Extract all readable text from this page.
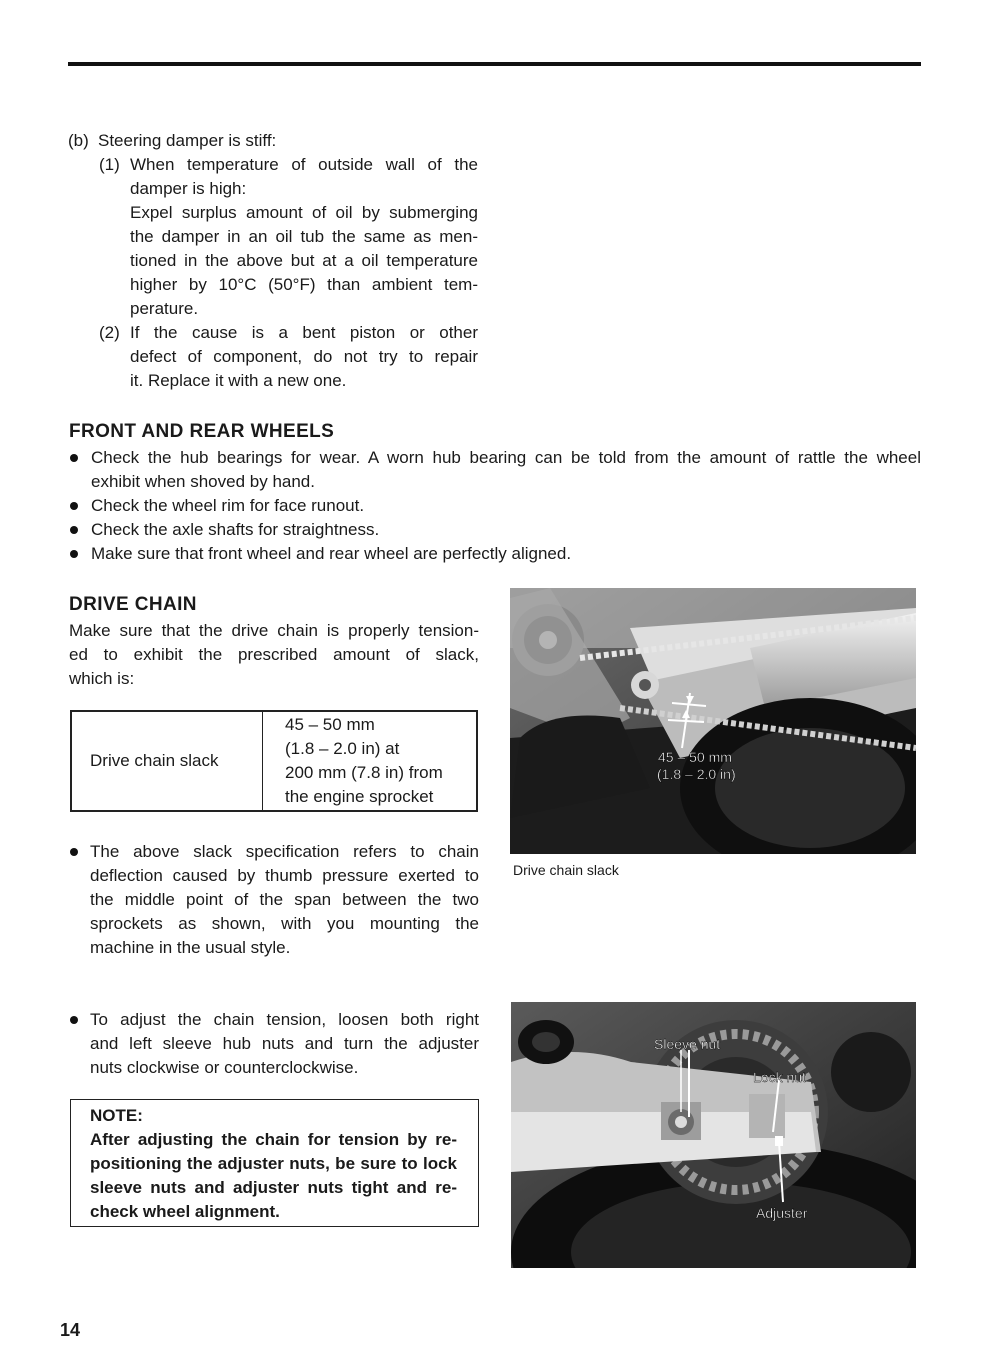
(b) Steering damper is stiff:
(1) When temperature of outside wall of the
damper is high:
Expel surplus amount of oil by submerging
the damper in an oil tub the same as men-
tioned in the above but at a oil temperature
higher by 10°C (50°F) than ambient tem-
perature.
(2) If the cause is a bent piston or other
defect of component, do not try to repair
it. Replace it with a new one.
FRONT AND REAR WHEELS
Check the hub bearings for wear. A worn hub bearing can be told from the amount of rattle the wheel
exhibit when shoved by hand.
Check the wheel rim for face runout.
Check the axle shafts for straightness.
Make sure that front wheel and rear wheel are perfectly aligned.
DRIVE CHAIN
Make sure that the drive chain is properly tension-
ed to exhibit the prescribed amount of slack,
which is:
Drive chain slack	
45 – 50 mm
(1.8 – 2.0 in) at
200 mm (7.8 in) from
the engine sprocket
The above slack specification refers to chain
deflection caused by thumb pressure exerted to
the middle point of the span between the two
sprockets as shown, with you mounting the
machine in the usual style.
To adjust the chain tension, loosen both right
and left sleeve hub nuts and turn the adjuster
nuts clockwise or counterclockwise.
NOTE:
After adjusting the chain for tension by re-
positioning the adjuster nuts, be sure to lock
sleeve nuts and adjuster nuts tight and re-
check wheel alignment.
45 – 50 mm
(1.8 – 2.0 in)
Drive chain slack
Sleeve nut
Lock nut
Adjuster
14
